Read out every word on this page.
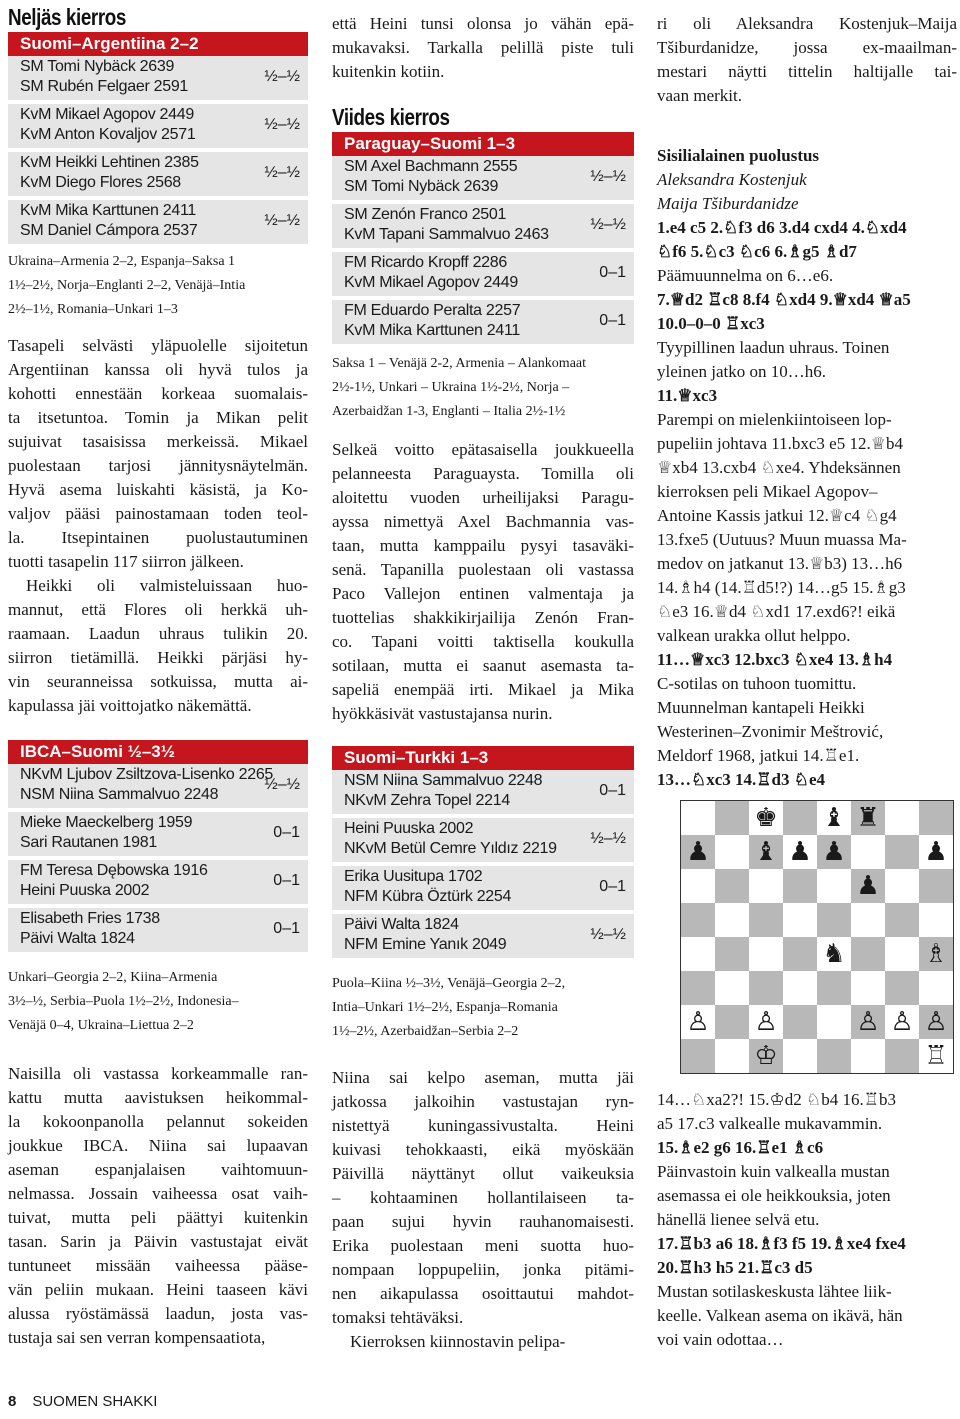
Neljäs kierros
Suomi–Argentiina 2–2
SM Tomi Nybäck 2639
SM Rubén Felgaer 2591
½–½
KvM Mikael Agopov 2449
KvM Anton Kovaljov 2571
½–½
KvM Heikki Lehtinen 2385
KvM Diego Flores 2568
½–½
KvM Mika Karttunen 2411
SM Daniel Cámpora 2537
½–½

Ukraina–Armenia 2–2, Espanja–Saksa 1

1½–2½, Norja–Englanti 2–2, Venäjä–Intia

2½–1½, Romania–Unkari 1–3

Tasapeli selvästi yläpuolelle sijoitetun

Argentiinan kanssa oli hyvä tulos ja

kohotti ennestään korkeaa suomalais-

ta itsetuntoa. Tomin ja Mikan pelit

sujuivat tasaisissa merkeissä. Mikael

puolestaan tarjosi jännitysnäytelmän.

Hyvä asema luiskahti käsistä, ja Ko-

valjov pääsi painostamaan toden teol-

la. Itsepintainen puolustautuminen

tuotti tasapelin 117 siirron jälkeen.

Heikki oli valmisteluissaan huo-

mannut, että Flores oli herkkä uh-

raamaan. Laadun uhraus tulikin 20.

siirron tietämillä. Heikki pärjäsi hy-

vin seuranneissa sotkuissa, mutta ai-

kapulassa jäi voittojatko näkemättä.

IBCA–Suomi ½–3½
NKvM Ljubov Zsiltzova-Lisenko 2265
NSM Niina Sammalvuo 2248
½–½
Mieke Maeckelberg 1959
Sari Rautanen 1981
0–1
FM Teresa Dębowska 1916
Heini Puuska 2002
0–1
Elisabeth Fries 1738
Päivi Walta 1824
0–1

Unkari–Georgia 2–2, Kiina–Armenia

3½–½, Serbia–Puola 1½–2½, Indonesia–

Venäjä 0–4, Ukraina–Liettua 2–2

Naisilla oli vastassa korkeammalle ran-

kattu mutta aavistuksen heikommal-

la kokoonpanolla pelannut sokeiden

joukkue IBCA. Niina sai lupaavan

aseman espanjalaisen vaihtomuun-

nelmassa. Jossain vaiheessa osat vaih-

tuivat, mutta peli päättyi kuitenkin

tasan. Sarin ja Päivin vastustajat eivät

tuntuneet missään vaiheessa pääse-

vän peliin mukaan. Heini taaseen kävi

alussa ryöstämässä laadun, josta vas-

tustaja sai sen verran kompensaatiota,

että Heini tunsi olonsa jo vähän epä-

mukavaksi. Tarkalla pelillä piste tuli

kuitenkin kotiin.

Viides kierros
Paraguay–Suomi 1–3
SM Axel Bachmann 2555
SM Tomi Nybäck 2639
½–½
SM Zenón Franco 2501
KvM Tapani Sammalvuo 2463
½–½
FM Ricardo Kropff 2286
KvM Mikael Agopov 2449
0–1
FM Eduardo Peralta 2257
KvM Mika Karttunen 2411
0–1

Saksa 1 – Venäjä 2-2, Armenia – Alankomaat

2½-1½, Unkari – Ukraina 1½-2½, Norja –

Azerbaidžan 1-3, Englanti – Italia 2½-1½

Selkeä voitto epätasaisella joukkueella

pelanneesta Paraguaysta. Tomilla oli

aloitettu vuoden urheilijaksi Paragu-

ayssa nimettyä Axel Bachmannia vas-

taan, mutta kamppailu pysyi tasaväki-

senä. Tapanilla puolestaan oli vastassa

Paco Vallejon entinen valmentaja ja

tuottelias shakkikirjailija Zenón Fran-

co. Tapani voitti taktisella koukulla

sotilaan, mutta ei saanut asemasta ta-

sapeliä enempää irti. Mikael ja Mika

hyökkäsivät vastustajansa nurin.

Suomi–Turkki 1–3
NSM Niina Sammalvuo 2248
NKvM Zehra Topel 2214
0–1
Heini Puuska 2002
NKvM Betül Cemre Yıldız 2219
½–½
Erika Uusitupa 1702
NFM Kübra Öztürk 2254
0–1
Päivi Walta 1824
NFM Emine Yanık 2049
½–½

Puola–Kiina ½–3½, Venäjä–Georgia 2–2,

Intia–Unkari 1½–2½, Espanja–Romania

1½–2½, Azerbaidžan–Serbia 2–2

Niina sai kelpo aseman, mutta jäi

jatkossa jalkoihin vastustajan ryn-

nistettyä kuningassivustalta. Heini

kuivasi tehokkaasti, eikä myöskään

Päivillä näyttänyt ollut vaikeuksia

– kohtaaminen hollantilaiseen ta-

paan sujui hyvin rauhanomaisesti.

Erika puolestaan meni suotta huo-

nompaan loppupeliin, jonka pitämi-

nen aikapulassa osoittautui mahdot-

tomaksi tehtäväksi.

Kierroksen kiinnostavin pelipa-

ri oli Aleksandra Kostenjuk–Maija

Tšiburdanidze, jossa ex-maailman-

mestari näytti tittelin haltijalle tai-

vaan merkit.

Sisilialainen puolustus

Aleksandra Kostenjuk

Maija Tšiburdanidze

1.e4 c5 2.♘f3 d6 3.d4 cxd4 4.♘xd4

♘f6 5.♘c3 ♘c6 6.♗g5 ♗d7

Päämuunnelma on 6…e6.

7.♕d2 ♖c8 8.f4 ♘xd4 9.♕xd4 ♕a5

10.0–0–0 ♖xc3

Tyypillinen laadun uhraus. Toinen

yleinen jatko on 10…h6.

11.♕xc3

Parempi on mielenkiintoiseen lop-

pupeliin johtava 11.bxc3 e5 12.♕b4

♕xb4 13.cxb4 ♘xe4. Yhdeksännen

kierroksen peli Mikael Agopov–

Antoine Kassis jatkui 12.♕c4 ♘g4

13.fxe5 (Uutuus? Muun muassa Ma-

medov on jatkanut 13.♕b3) 13…h6

14.♗h4 (14.♖d5!?) 14…g5 15.♗g3

♘e3 16.♕d4 ♘xd1 17.exd6?! eikä

valkean urakka ollut helppo.

11…♕xc3 12.bxc3 ♘xe4 13.♗h4

C-sotilas on tuhoon tuomittu.

Muunnelman kantapeli Heikki

Westerinen–Zvonimir Meštrović,

Meldorf 1968, jatkui 14.♖e1.

13…♘xc3 14.♖d3 ♘e4

14…♘xa2?! 15.♔d2 ♘b4 16.♖b3

a5 17.c3 valkealle mukavammin.

15.♗e2 g6 16.♖e1 ♗c6

Päinvastoin kuin valkealla mustan

asemassa ei ole heikkouksia, joten

hänellä lienee selvä etu.

17.♖b3 a6 18.♗f3 f5 19.♗xe4 fxe4

20.♖h3 h5 21.♖c3 d5

Mustan sotilaskeskusta lähtee liik-

keelle. Valkean asema on ikävä, hän

voi vain odottaa…

♚ ♝ ♜
♟ ♝ ♟ ♟	♟
♟
♞	♗
♙ ♙	♙ ♙ ♙
♔	♖
8 SUOMEN SHAKKI
